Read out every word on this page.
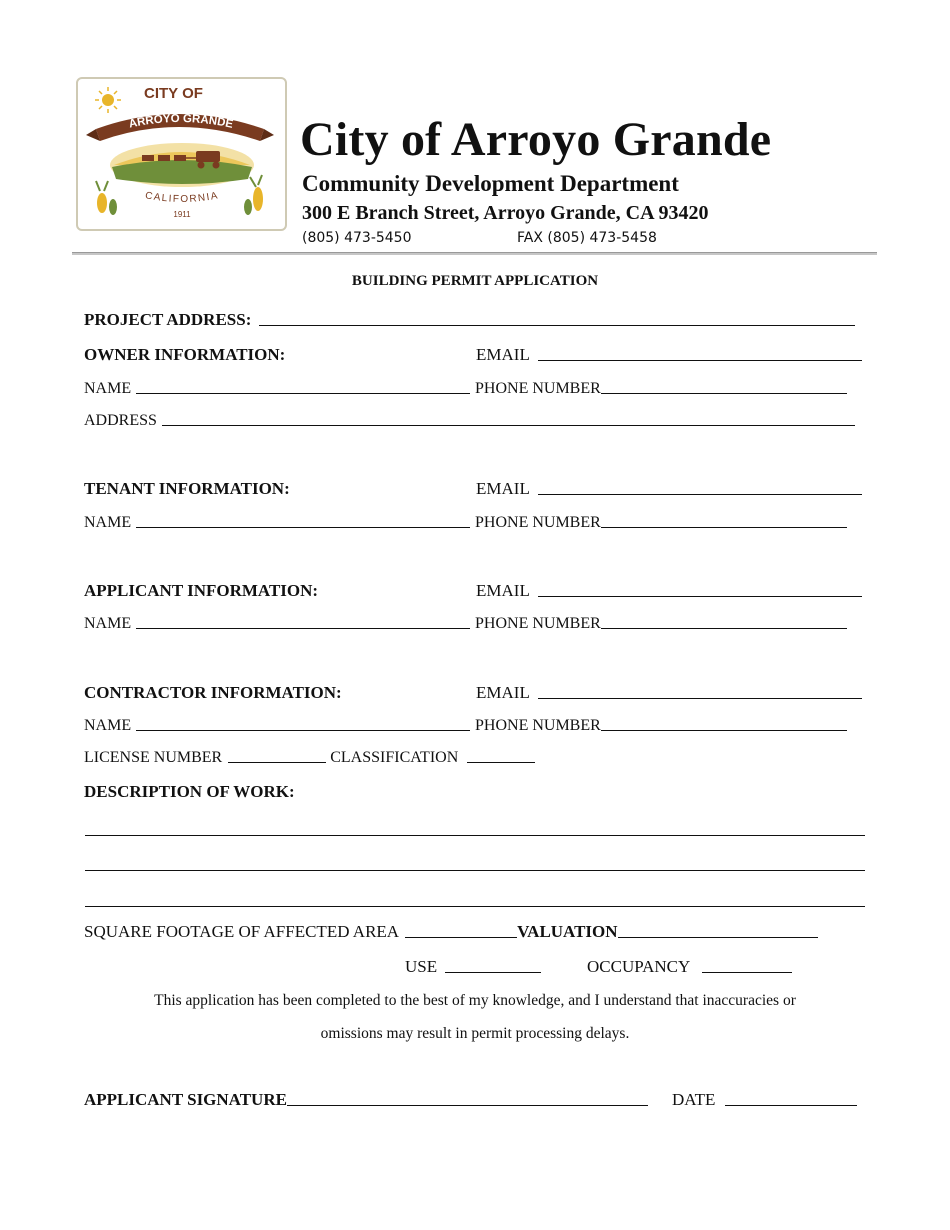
CITY OF
ARROYO GRANDE
CALIFORNIA
1911
City of Arroyo Grande
Community Development Department
300 E Branch Street, Arroyo Grande, CA 93420
(805) 473-5450	FAX (805) 473-5458
BUILDING PERMIT APPLICATION
PROJECT ADDRESS:
OWNER INFORMATION:	EMAIL
NAME	PHONE NUMBER
ADDRESS
TENANT INFORMATION:	EMAIL
NAME	PHONE NUMBER
APPLICANT INFORMATION:	EMAIL
NAME	PHONE NUMBER
CONTRACTOR INFORMATION:	EMAIL
NAME	PHONE NUMBER
LICENSE NUMBER	CLASSIFICATION
DESCRIPTION OF WORK:
SQUARE FOOTAGE OF AFFECTED AREA	VALUATION
USE	OCCUPANCY
This application has been completed to the best of my knowledge, and I understand that inaccuracies or
omissions may result in permit processing delays.
APPLICANT SIGNATURE	DATE
